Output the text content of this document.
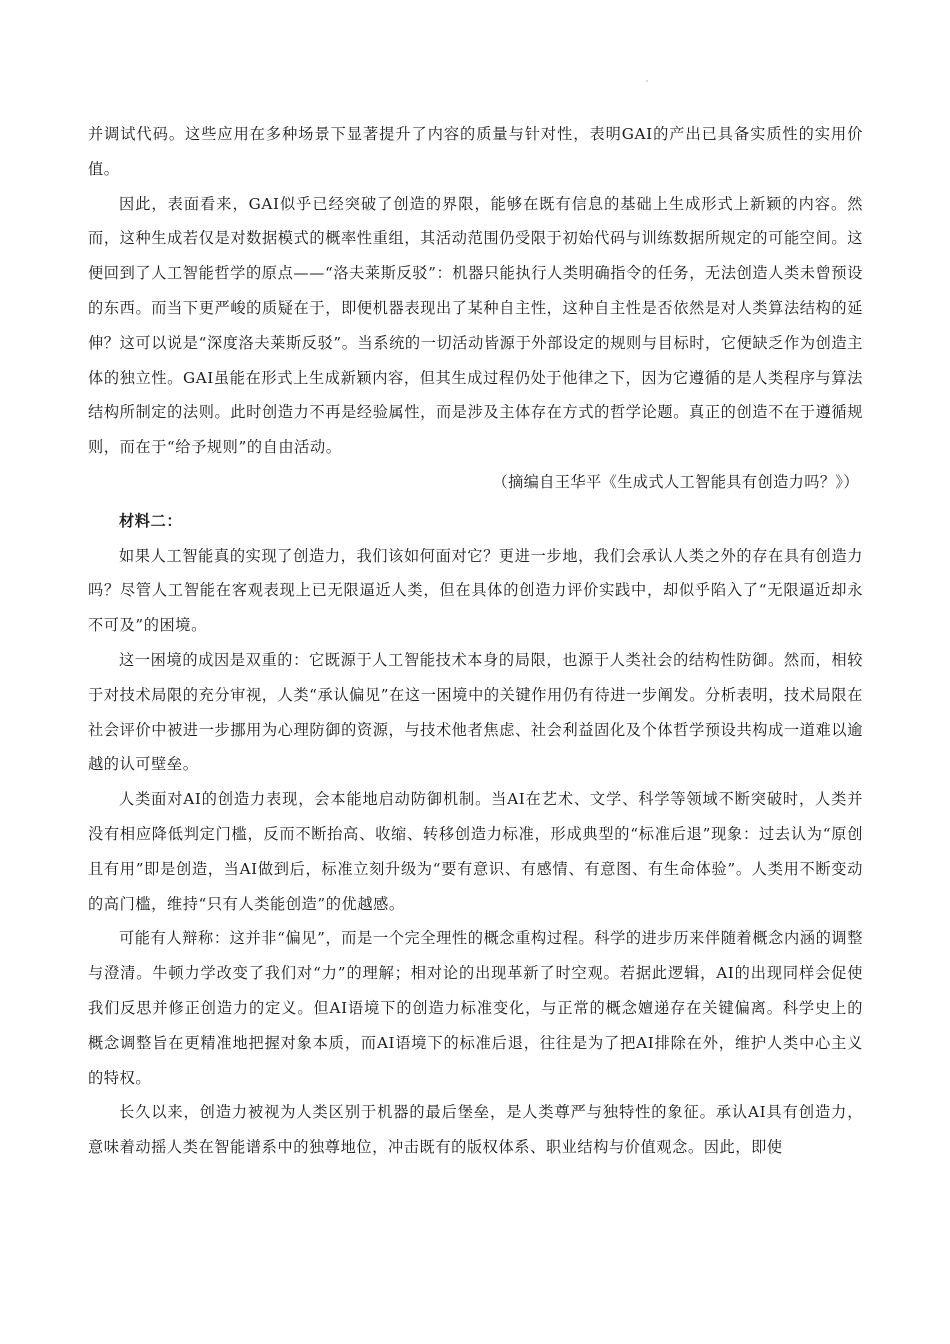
并调试代码。这些应用在多种场景下显著提升了内容的质量与针对性，表明GAI的产出已具备实质性的实用价值。

因此，表面看来，GAI似乎已经突破了创造的界限，能够在既有信息的基础上生成形式上新颖的内容。然而，这种生成若仅是对数据模式的概率性重组，其活动范围仍受限于初始代码与训练数据所规定的可能空间。这便回到了人工智能哲学的原点——“洛夫莱斯反驳”：机器只能执行人类明确指令的任务，无法创造人类未曾预设的东西。而当下更严峻的质疑在于，即便机器表现出了某种自主性，这种自主性是否依然是对人类算法结构的延伸？这可以说是“深度洛夫莱斯反驳”。当系统的一切活动皆源于外部设定的规则与目标时，它便缺乏作为创造主体的独立性。GAI虽能在形式上生成新颖内容，但其生成过程仍处于他律之下，因为它遵循的是人类程序与算法结构所制定的法则。此时创造力不再是经验属性，而是涉及主体存在方式的哲学论题。真正的创造不在于遵循规则，而在于“给予规则”的自由活动。

（摘编自王华平《生成式人工智能具有创造力吗？》）

材料二：

如果人工智能真的实现了创造力，我们该如何面对它？更进一步地，我们会承认人类之外的存在具有创造力吗？尽管人工智能在客观表现上已无限逼近人类，但在具体的创造力评价实践中，却似乎陷入了“无限逼近却永不可及”的困境。

这一困境的成因是双重的：它既源于人工智能技术本身的局限，也源于人类社会的结构性防御。然而，相较于对技术局限的充分审视，人类“承认偏见”在这一困境中的关键作用仍有待进一步阐发。分析表明，技术局限在社会评价中被进一步挪用为心理防御的资源，与技术他者焦虑、社会利益固化及个体哲学预设共构成一道难以逾越的认可壁垒。

人类面对AI的创造力表现，会本能地启动防御机制。当AI在艺术、文学、科学等领域不断突破时，人类并没有相应降低判定门槛，反而不断抬高、收缩、转移创造力标准，形成典型的“标准后退”现象：过去认为“原创且有用”即是创造，当AI做到后，标准立刻升级为“要有意识、有感情、有意图、有生命体验”。人类用不断变动的高门槛，维持“只有人类能创造”的优越感。

可能有人辩称：这并非“偏见”，而是一个完全理性的概念重构过程。科学的进步历来伴随着概念内涵的调整与澄清。牛顿力学改变了我们对“力”的理解；相对论的出现革新了时空观。若据此逻辑，AI的出现同样会促使我们反思并修正创造力的定义。但AI语境下的创造力标准变化，与正常的概念嬗递存在关键偏离。科学史上的概念调整旨在更精准地把握对象本质，而AI语境下的标准后退，往往是为了把AI排除在外，维护人类中心主义的特权。

长久以来，创造力被视为人类区别于机器的最后堡垒，是人类尊严与独特性的象征。承认AI具有创造力，意味着动摇人类在智能谱系中的独尊地位，冲击既有的版权体系、职业结构与价值观念。因此，即使
